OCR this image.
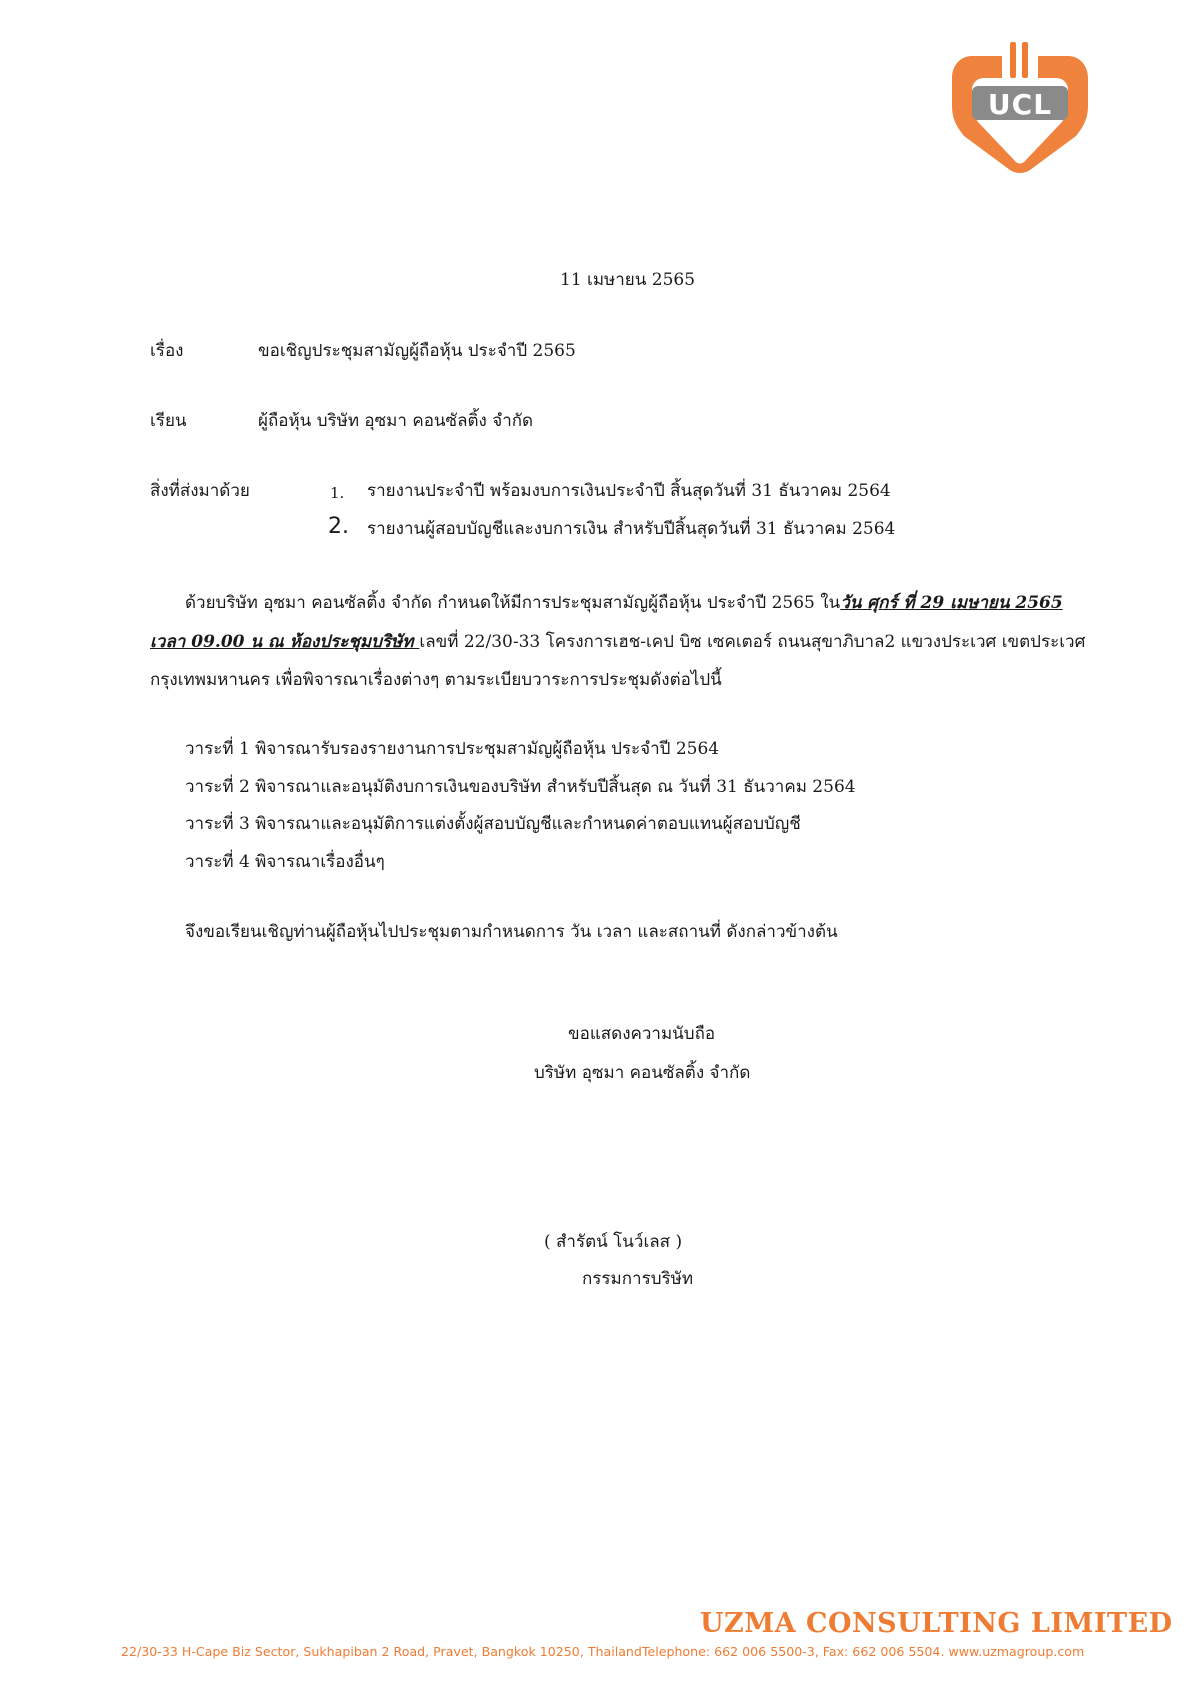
UCL
11 เมษายน 2565
เรื่อง	ขอเชิญประชุมสามัญผู้ถือหุ้น ประจำปี 2565
เรียน	ผู้ถือหุ้น บริษัท อุซมา คอนซัลติ้ง จำกัด
สิ่งที่ส่งมาด้วย	1. รายงานประจำปี พร้อมงบการเงินประจำปี สิ้นสุดวันที่ 31 ธันวาคม 2564
2. รายงานผู้สอบบัญชีและงบการเงิน สำหรับปีสิ้นสุดวันที่ 31 ธันวาคม 2564
ด้วยบริษัท อุซมา คอนซัลติ้ง จำกัด กำหนดให้มีการประชุมสามัญผู้ถือหุ้น ประจำปี 2565 ในวัน ศุกร์ ที่ 29 เมษายน 2565
เวลา 09.00 น ณ ห้องประชุมบริษัท เลขที่ 22/30-33 โครงการเฮช-เคป บิซ เซคเตอร์ ถนนสุขาภิบาล2 แขวงประเวศ เขตประเวศ
กรุงเทพมหานคร เพื่อพิจารณาเรื่องต่างๆ ตามระเบียบวาระการประชุมดังต่อไปนี้
วาระที่ 1 พิจารณารับรองรายงานการประชุมสามัญผู้ถือหุ้น ประจำปี 2564
วาระที่ 2 พิจารณาและอนุมัติงบการเงินของบริษัท สำหรับปีสิ้นสุด ณ วันที่ 31 ธันวาคม 2564
วาระที่ 3 พิจารณาและอนุมัติการแต่งตั้งผู้สอบบัญชีและกำหนดค่าตอบแทนผู้สอบบัญชี
วาระที่ 4 พิจารณาเรื่องอื่นๆ
จึงขอเรียนเชิญท่านผู้ถือหุ้นไปประชุมตามกำหนดการ วัน เวลา และสถานที่ ดังกล่าวข้างต้น
ขอแสดงความนับถือ
บริษัท อุซมา คอนซัลติ้ง จำกัด
( สำรัตน์ โนว์เลส )
กรรมการบริษัท
UZMA CONSULTING LIMITED
22/30-33 H-Cape Biz Sector, Sukhapiban 2 Road, Pravet, Bangkok 10250, ThailandTelephone: 662 006 5500-3, Fax: 662 006 5504. www.uzmagroup.com
